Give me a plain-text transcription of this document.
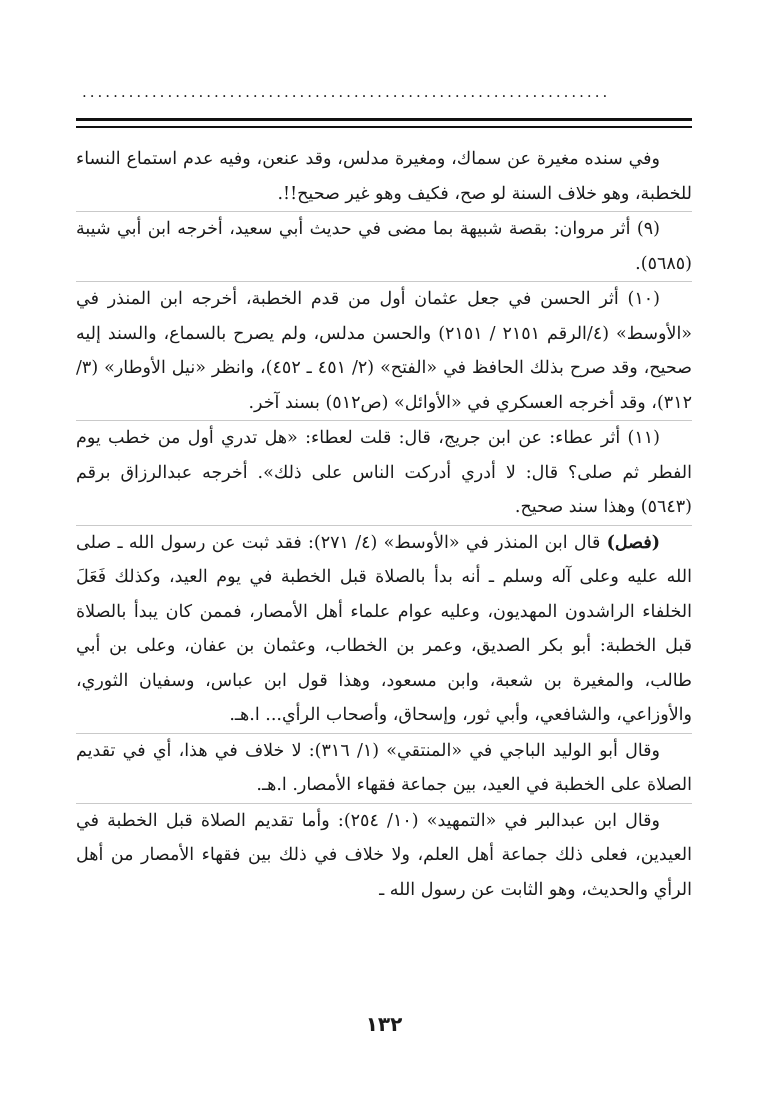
....................................................................

وفي سنده مغيرة عن سماك، ومغيرة مدلس، وقد عنعن، وفيه عدم استماع النساء للخطبة، وهو خلاف السنة لو صح، فكيف وهو غير صحيح!!.

(٩) أثر مروان: بقصة شبيهة بما مضى في حديث أبي سعيد، أخرجه ابن أبي شيبة (٥٦٨٥).

(١٠) أثر الحسن في جعل عثمان أول من قدم الخطبة، أخرجه ابن المنذر في «الأوسط» (٤/الرقم ٢١٥١ / ٢١٥١) والحسن مدلس، ولم يصرح بالسماع، والسند إليه صحيح، وقد صرح بذلك الحافظ في «الفتح» (٢/ ٤٥١ ـ ٤٥٢)، وانظر «نيل الأوطار» (٣/ ٣١٢)، وقد أخرجه العسكري في «الأوائل» (ص٥١٢) بسند آخر.

(١١) أثر عطاء: عن ابن جريج، قال: قلت لعطاء: «هل تدري أول من خطب يوم الفطر ثم صلى؟ قال: لا أدري أدركت الناس على ذلك». أخرجه عبدالرزاق برقم (٥٦٤٣) وهذا سند صحيح.

(فصل) قال ابن المنذر في «الأوسط» (٤/ ٢٧١): فقد ثبت عن رسول الله ـ صلى الله عليه وعلى آله وسلم ـ أنه بدأ بالصلاة قبل الخطبة في يوم العيد، وكذلك فَعَلَ الخلفاء الراشدون المهديون، وعليه عوام علماء أهل الأمصار، فممن كان يبدأ بالصلاة قبل الخطبة: أبو بكر الصديق، وعمر بن الخطاب، وعثمان بن عفان، وعلى بن أبي طالب، والمغيرة بن شعبة، وابن مسعود، وهذا قول ابن عباس، وسفيان الثوري، والأوزاعي، والشافعي، وأبي ثور، وإسحاق، وأصحاب الرأي... ا.هـ.

وقال أبو الوليد الباجي في «المنتقي» (١/ ٣١٦): لا خلاف في هذا، أي في تقديم الصلاة على الخطبة في العيد، بين جماعة فقهاء الأمصار. ا.هـ.

وقال ابن عبدالبر في «التمهيد» (١٠/ ٢٥٤): وأما تقديم الصلاة قبل الخطبة في العيدين، فعلى ذلك جماعة أهل العلم، ولا خلاف في ذلك بين فقهاء الأمصار من أهل الرأي والحديث، وهو الثابت عن رسول الله ـ

١٣٢
